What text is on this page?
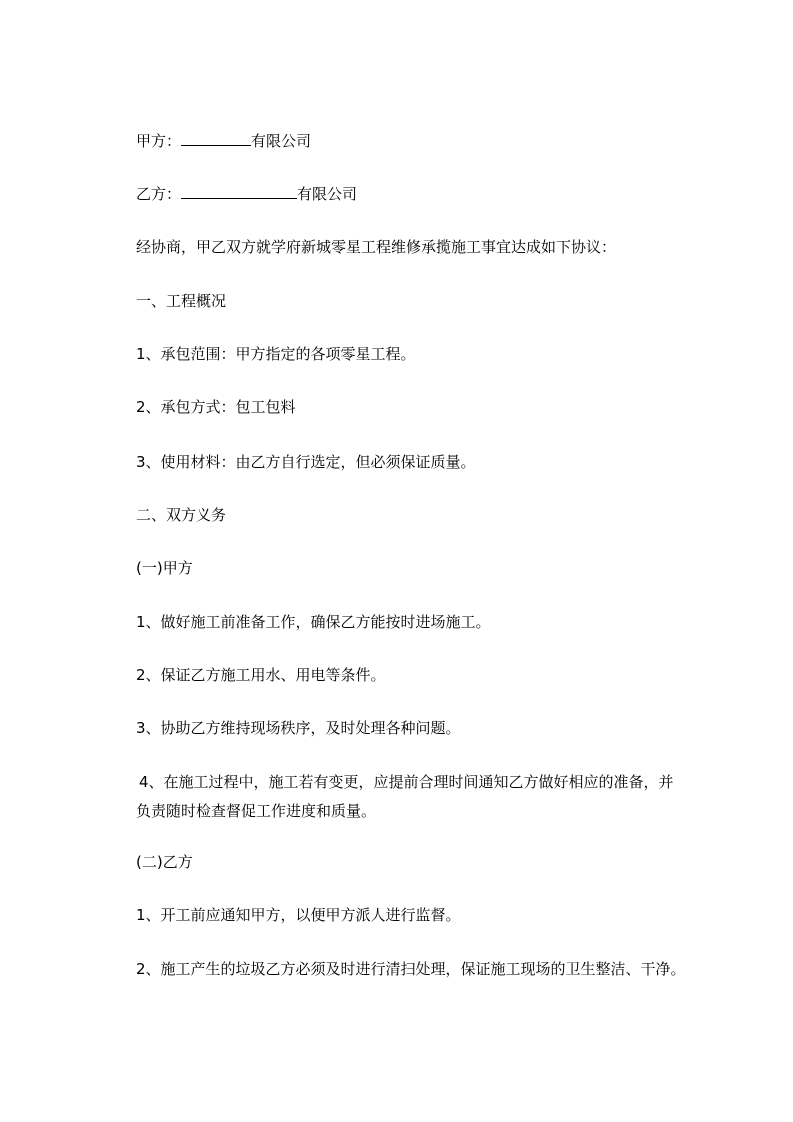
甲方：	有限公司
乙方：	有限公司
经协商，甲乙双方就学府新城零星工程维修承揽施工事宜达成如下协议：
一、工程概况
1、承包范围：甲方指定的各项零星工程。
2、承包方式：包工包料
3、使用材料：由乙方自行选定，但必须保证质量。
二、双方义务
(一)甲方
1、做好施工前准备工作，确保乙方能按时进场施工。
2、保证乙方施工用水、用电等条件。
3、协助乙方维持现场秩序，及时处理各种问题。
4、在施工过程中，施工若有变更，应提前合理时间通知乙方做好相应的准备，并
负责随时检查督促工作进度和质量。
(二)乙方
1、开工前应通知甲方，以便甲方派人进行监督。
2、施工产生的垃圾乙方必须及时进行清扫处理，保证施工现场的卫生整洁、干净。
